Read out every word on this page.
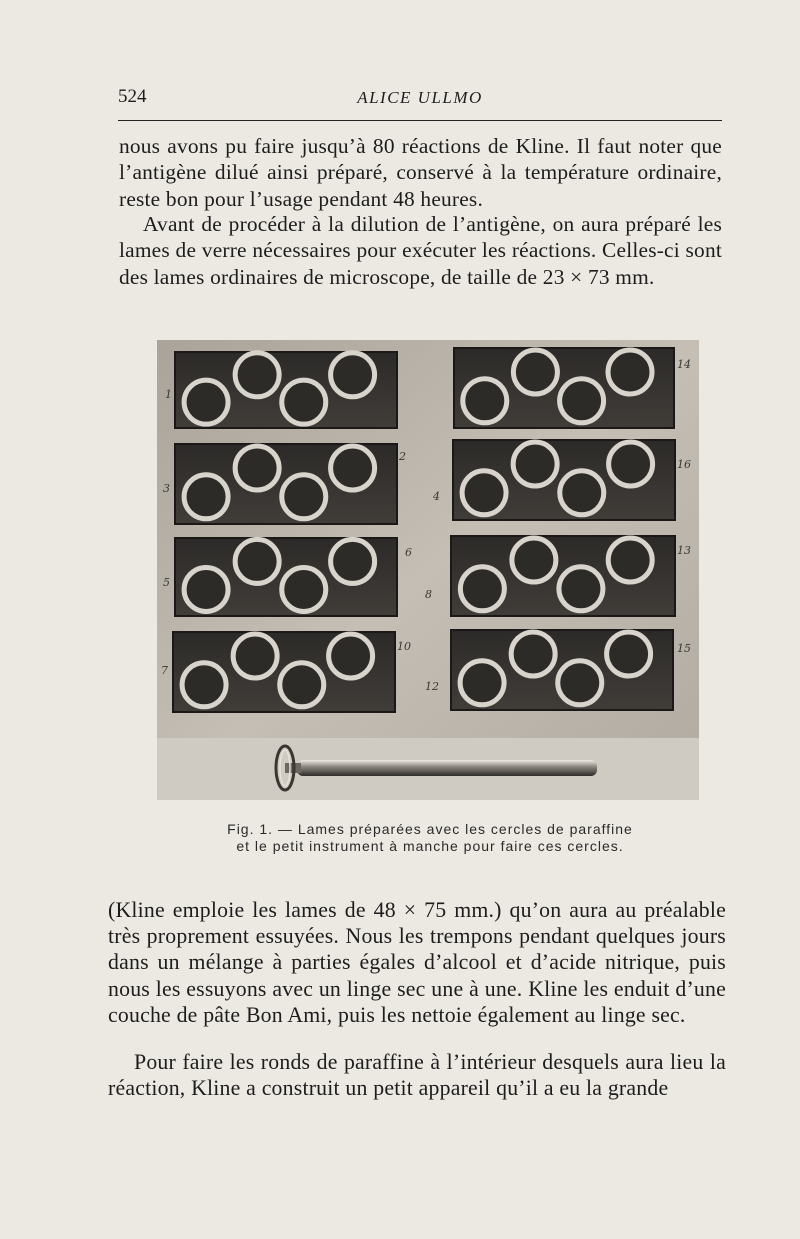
524	ALICE ULLMO
nous avons pu faire jusqu’à 80 réactions de Kline. Il faut noter que l’antigène dilué ainsi préparé, conservé à la température ordinaire, reste bon pour l’usage pendant 48 heures.
Avant de procéder à la dilution de l’antigène, on aura préparé les lames de verre nécessaires pour exécuter les réactions. Celles-ci sont des lames ordinaires de microscope, de taille de 23 × 73 mm.
1
3
5
7
2
4
6
8
10
12
14
16
13
15
Fig. 1. — Lames préparées avec les cercles de paraffine
et le petit instrument à manche pour faire ces cercles.
(Kline emploie les lames de 48 × 75 mm.) qu’on aura au préalable très proprement essuyées. Nous les trempons pendant quelques jours dans un mélange à parties égales d’alcool et d’acide nitrique, puis nous les essuyons avec un linge sec une à une. Kline les enduit d’une couche de pâte Bon Ami, puis les nettoie également au linge sec.
Pour faire les ronds de paraffine à l’intérieur desquels aura lieu la réaction, Kline a construit un petit appareil qu’il a eu la grande
